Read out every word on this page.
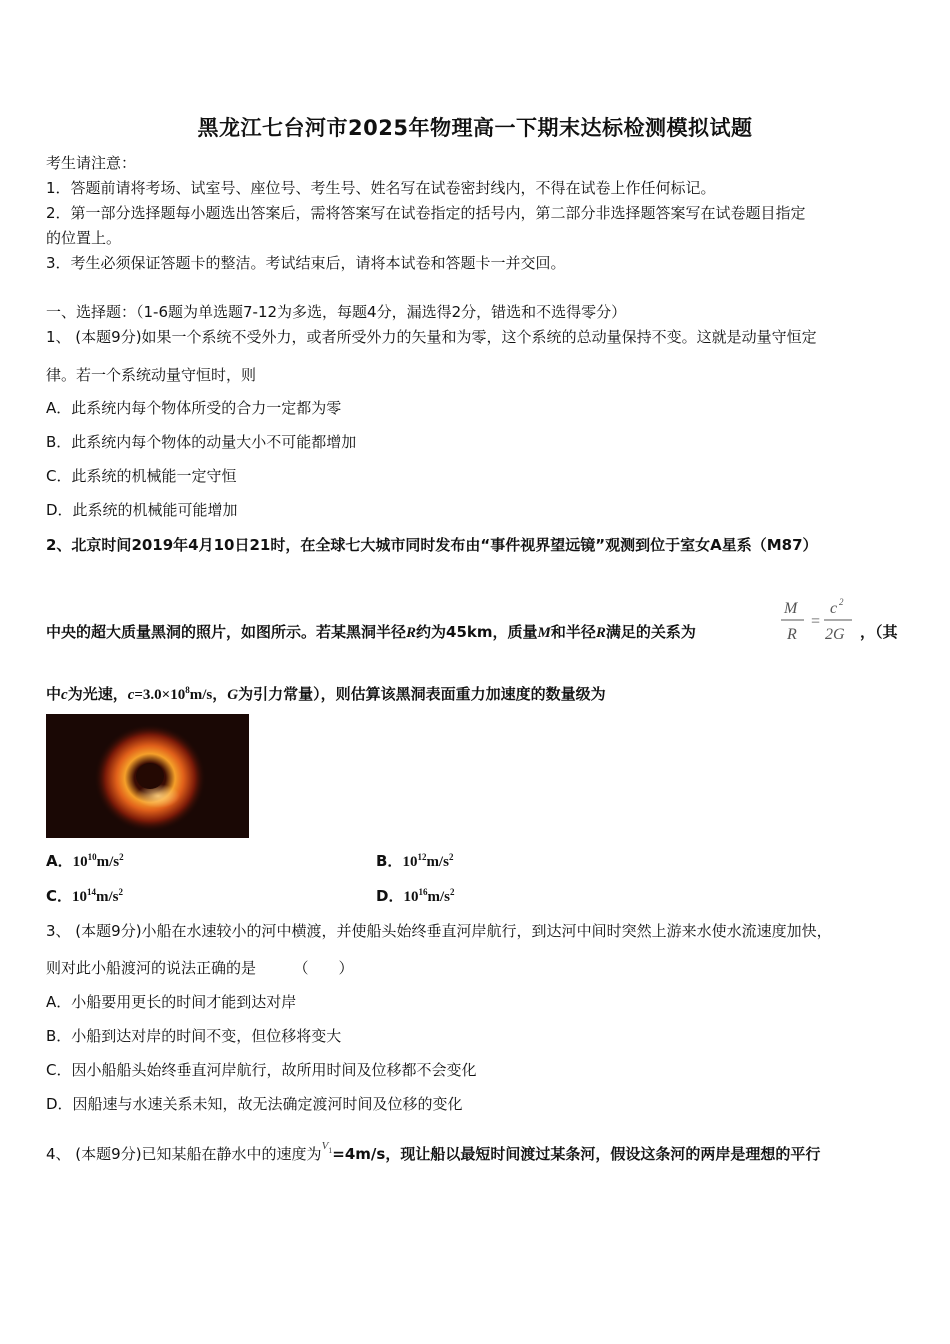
黑龙江七台河市2025年物理高一下期末达标检测模拟试题
考生请注意：
1．答题前请将考场、试室号、座位号、考生号、姓名写在试卷密封线内，不得在试卷上作任何标记。
2．第一部分选择题每小题选出答案后，需将答案写在试卷指定的括号内，第二部分非选择题答案写在试卷题目指定
的位置上。
3．考生必须保证答题卡的整洁。考试结束后，请将本试卷和答题卡一并交回。
一、选择题：（1-6题为单选题7-12为多选，每题4分，漏选得2分，错选和不选得零分）
1、 (本题9分)如果一个系统不受外力，或者所受外力的矢量和为零，这个系统的总动量保持不变。这就是动量守恒定
律。若一个系统动量守恒时，则
A．此系统内每个物体所受的合力一定都为零
B．此系统内每个物体的动量大小不可能都增加
C．此系统的机械能一定守恒
D．此系统的机械能可能增加
2、北京时间2019年4月10日21时，在全球七大城市同时发布由“事件视界望远镜”观测到位于室女A星系（M87）
中央的超大质量黑洞的照片，如图所示。若某黑洞半径R约为45km，质量M和半径R满足的关系为
M
R
=
c 2
2G ，（其
中c为光速，$c=3.0\times 10^8m/s$，G为引力常量），则估算该黑洞表面重力加速度的数量级为
A．$10^{10}m/s^2$	B．$10^{12}m/s^2$
C．$10^{14}m/s^2$	D．$10^{16}m/s^2$
3、 (本题9分)小船在水速较小的河中横渡，并使船头始终垂直河岸航行，到达河中间时突然上游来水使水流速度加快，
则对此小船渡河的说法正确的是　　　（　　）
A．小船要用更长的时间才能到达对岸
B．小船到达对岸的时间不变，但位移将变大
C．因小船船头始终垂直河岸航行，故所用时间及位移都不会变化
D．因船速与水速关系未知，故无法确定渡河时间及位移的变化
4、 (本题9分)已知某船在静水中的速度为$^{V1}$=4m/s，现让船以最短时间渡过某条河，假设这条河的两岸是理想的平行
